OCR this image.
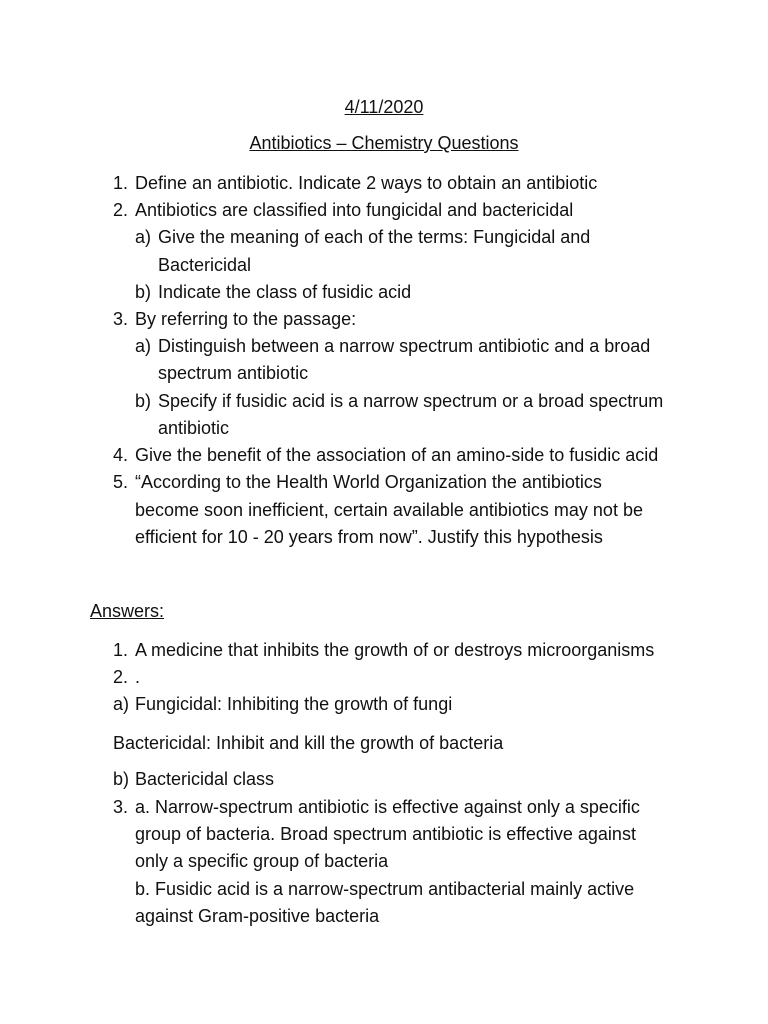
4/11/2020
Antibiotics – Chemistry Questions
1. Define an antibiotic. Indicate 2 ways to obtain an antibiotic
2. Antibiotics are classified into fungicidal and bactericidal
a) Give the meaning of each of the terms: Fungicidal and
Bactericidal
b) Indicate the class of fusidic acid
3. By referring to the passage:
a) Distinguish between a narrow spectrum antibiotic and a broad
spectrum antibiotic
b) Specify if fusidic acid is a narrow spectrum or a broad spectrum
antibiotic
4. Give the benefit of the association of an amino-side to fusidic acid
5. “According to the Health World Organization the antibiotics
become soon inefficient, certain available antibiotics may not be
efficient for 10 - 20 years from now”. Justify this hypothesis
Answers:
1. A medicine that inhibits the growth of or destroys microorganisms
2. .
a) Fungicidal: Inhibiting the growth of fungi
Bactericidal: Inhibit and kill the growth of bacteria
b) Bactericidal class
3. a. Narrow-spectrum antibiotic is effective against only a specific
group of bacteria. Broad spectrum antibiotic is effective against
only a specific group of bacteria
b. Fusidic acid is a narrow-spectrum antibacterial mainly active
against Gram-positive bacteria
